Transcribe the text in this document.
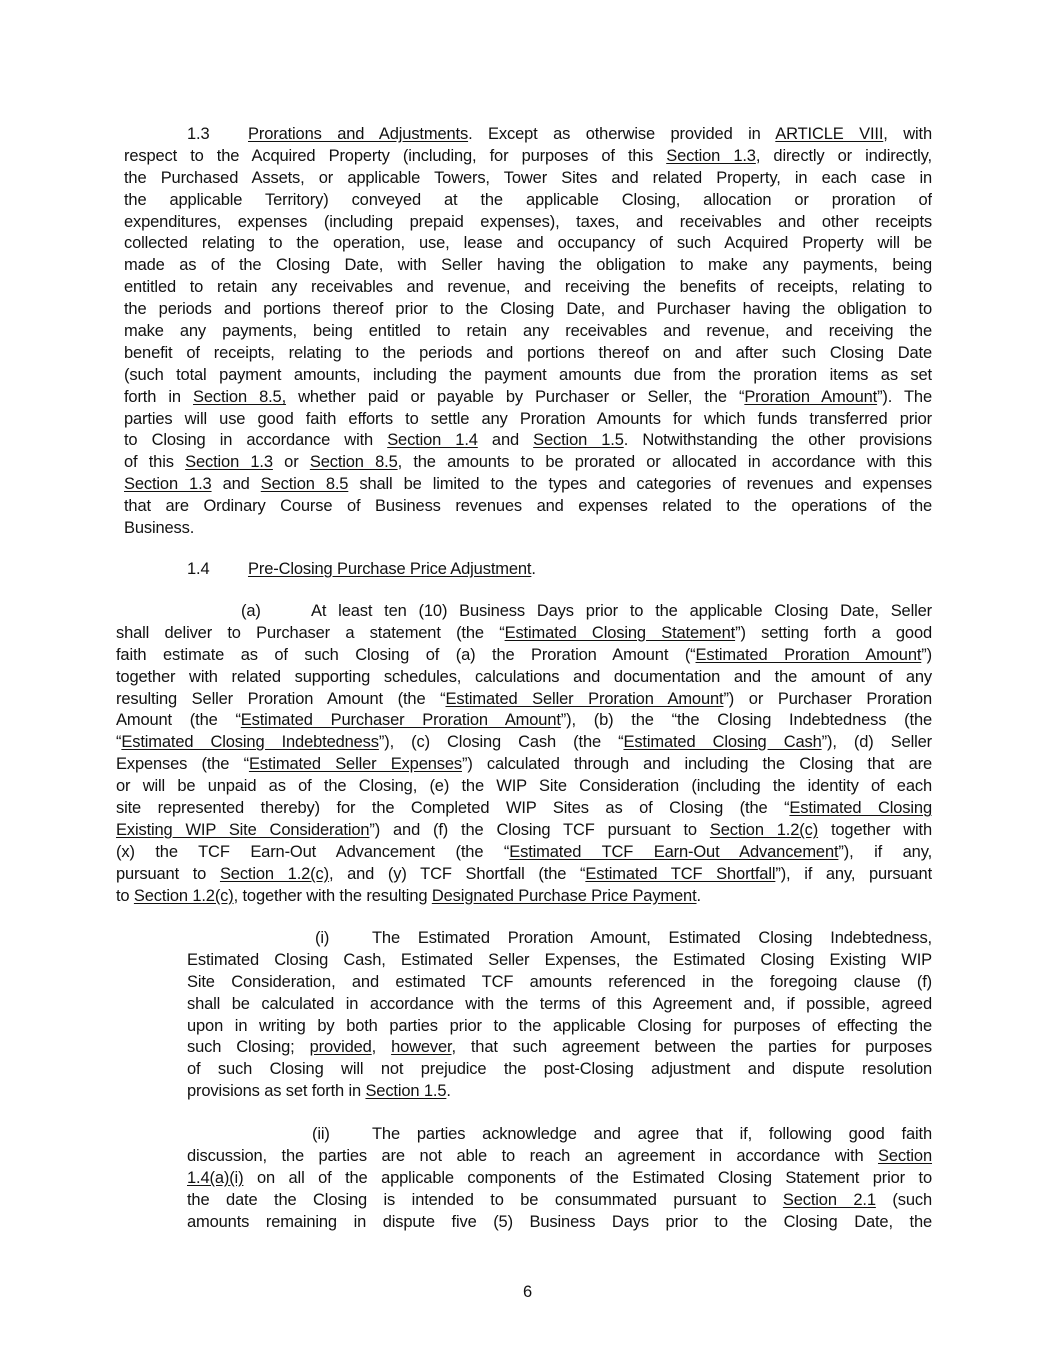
1.3 Prorations and Adjustments. Except as otherwise provided in ARTICLE VIII, with
respect to the Acquired Property (including, for purposes of this Section 1.3, directly or indirectly,
the Purchased Assets, or applicable Towers, Tower Sites and related Property, in each case in
the applicable Territory) conveyed at the applicable Closing, allocation or proration of
expenditures, expenses (including prepaid expenses), taxes, and receivables and other receipts
collected relating to the operation, use, lease and occupancy of such Acquired Property will be
made as of the Closing Date, with Seller having the obligation to make any payments, being
entitled to retain any receivables and revenue, and receiving the benefits of receipts, relating to
the periods and portions thereof prior to the Closing Date, and Purchaser having the obligation to
make any payments, being entitled to retain any receivables and revenue, and receiving the
benefit of receipts, relating to the periods and portions thereof on and after such Closing Date
(such total payment amounts, including the payment amounts due from the proration items as set
forth in Section 8.5, whether paid or payable by Purchaser or Seller, the “Proration Amount”). The
parties will use good faith efforts to settle any Proration Amounts for which funds transferred prior
to Closing in accordance with Section 1.4 and Section 1.5. Notwithstanding the other provisions
of this Section 1.3 or Section 8.5, the amounts to be prorated or allocated in accordance with this
Section 1.3 and Section 8.5 shall be limited to the types and categories of revenues and expenses
that are Ordinary Course of Business revenues and expenses related to the operations of the
Business.
1.4 Pre-Closing Purchase Price Adjustment.
(a)	At least ten (10) Business Days prior to the applicable Closing Date, Seller
shall deliver to Purchaser a statement (the “Estimated Closing Statement”) setting forth a good
faith estimate as of such Closing of (a) the Proration Amount (“Estimated Proration Amount”)
together with related supporting schedules, calculations and documentation and the amount of any
resulting Seller Proration Amount (the “Estimated Seller Proration Amount”) or Purchaser Proration
Amount (the “Estimated Purchaser Proration Amount”), (b) the “the Closing Indebtedness (the
“Estimated Closing Indebtedness”), (c) Closing Cash (the “Estimated Closing Cash”), (d) Seller
Expenses (the “Estimated Seller Expenses”) calculated through and including the Closing that are
or will be unpaid as of the Closing, (e) the WIP Site Consideration (including the identity of each
site represented thereby) for the Completed WIP Sites as of Closing (the “Estimated Closing
Existing WIP Site Consideration”) and (f) the Closing TCF pursuant to Section 1.2(c) together with
(x) the TCF Earn-Out Advancement (the “Estimated TCF Earn-Out Advancement”), if any,
pursuant to Section 1.2(c), and (y) TCF Shortfall (the “Estimated TCF Shortfall”), if any, pursuant
to Section 1.2(c), together with the resulting Designated Purchase Price Payment.
(i)	The Estimated Proration Amount, Estimated Closing Indebtedness,
Estimated Closing Cash, Estimated Seller Expenses, the Estimated Closing Existing WIP
Site Consideration, and estimated TCF amounts referenced in the foregoing clause (f)
shall be calculated in accordance with the terms of this Agreement and, if possible, agreed
upon in writing by both parties prior to the applicable Closing for purposes of effecting the
such Closing; provided, however, that such agreement between the parties for purposes
of such Closing will not prejudice the post-Closing adjustment and dispute resolution
provisions as set forth in Section 1.5.
(ii)	The parties acknowledge and agree that if, following good faith
discussion, the parties are not able to reach an agreement in accordance with Section
1.4(a)(i) on all of the applicable components of the Estimated Closing Statement prior to
the date the Closing is intended to be consummated pursuant to Section 2.1 (such
amounts remaining in dispute five (5) Business Days prior to the Closing Date, the
6
